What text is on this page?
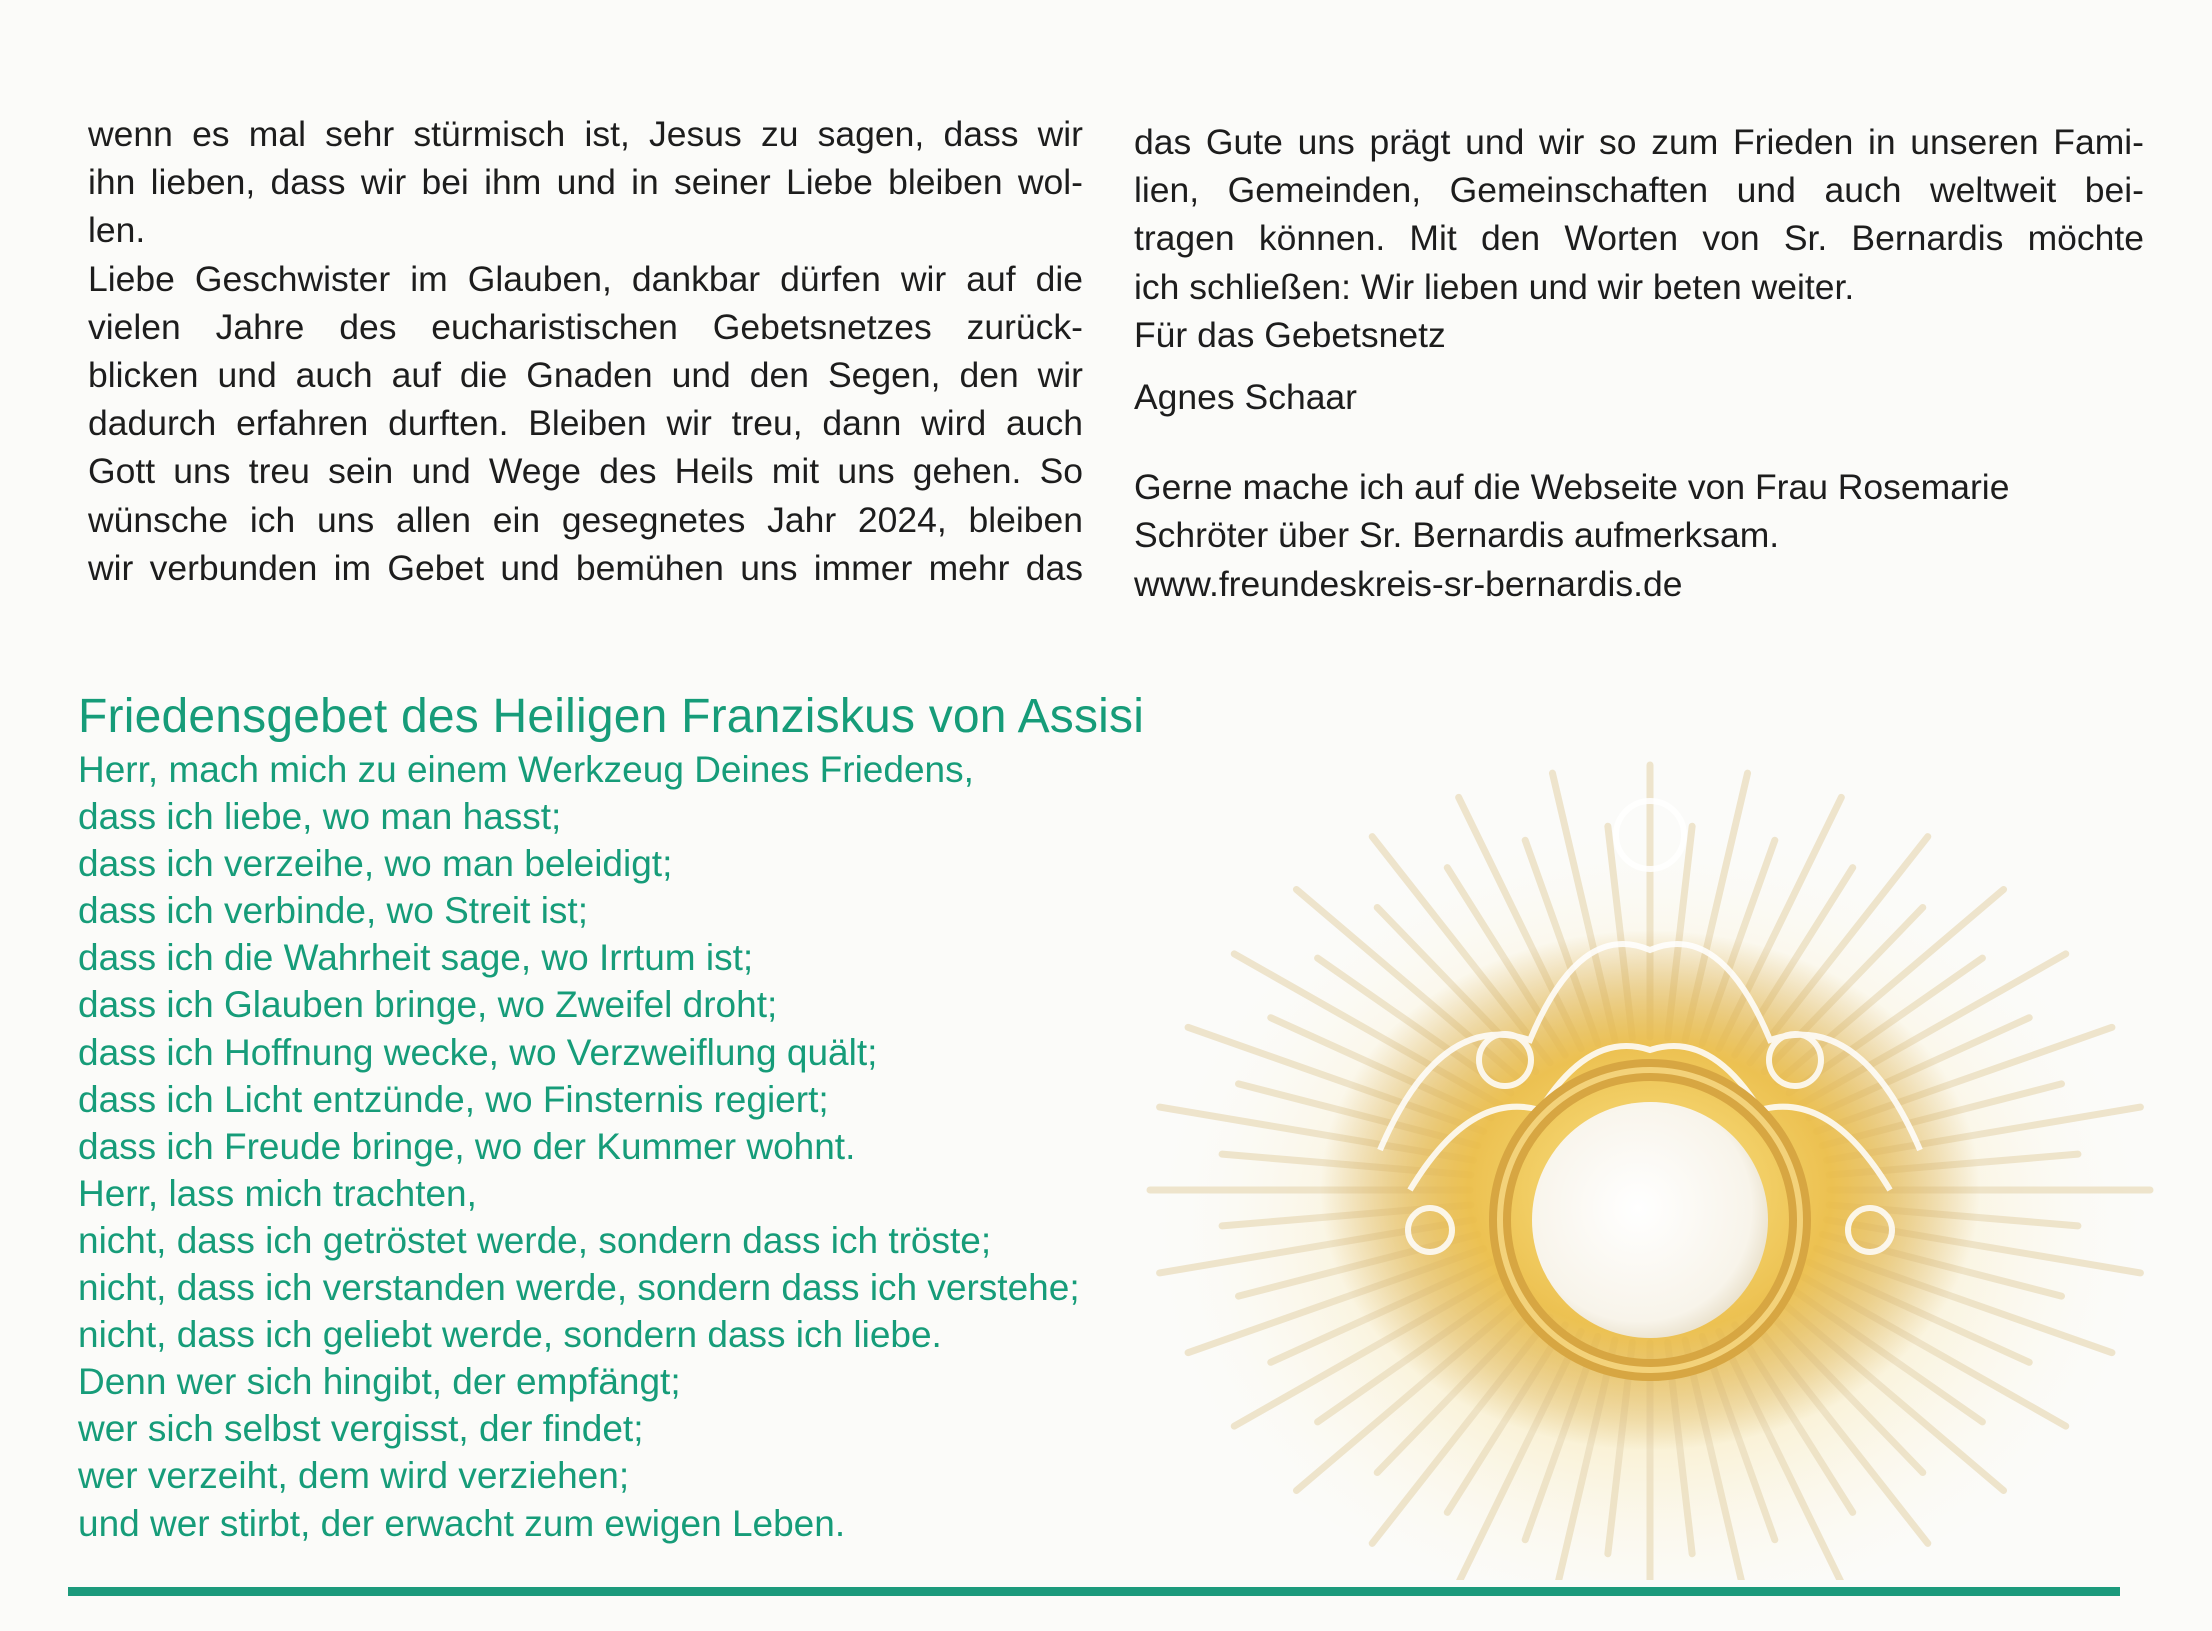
wenn es mal sehr stürmisch ist, Jesus zu sagen, dass wir
ihn lieben, dass wir bei ihm und in seiner Liebe bleiben wol-
len.
Liebe Geschwister im Glauben, dankbar dürfen wir auf die
vielen Jahre des eucharistischen Gebetsnetzes zurück-
blicken und auch auf die Gnaden und den Segen, den wir
dadurch erfahren durften. Bleiben wir treu, dann wird auch
Gott uns treu sein und Wege des Heils mit uns gehen. So
wünsche ich uns allen ein gesegnetes Jahr 2024, bleiben
wir verbunden im Gebet und bemühen uns immer mehr das
das Gute uns prägt und wir so zum Frieden in unseren Fami-
lien, Gemeinden, Gemeinschaften und auch weltweit bei-
tragen können. Mit den Worten von Sr. Bernardis möchte
ich schließen: Wir lieben und wir beten weiter.
Für das Gebetsnetz
Agnes Schaar
Gerne mache ich auf die Webseite von Frau Rosemarie
Schröter über Sr. Bernardis aufmerksam.
www.freundeskreis-sr-bernardis.de
Friedensgebet des Heiligen Franziskus von Assisi
Herr, mach mich zu einem Werkzeug Deines Friedens,
dass ich liebe, wo man hasst;
dass ich verzeihe, wo man beleidigt;
dass ich verbinde, wo Streit ist;
dass ich die Wahrheit sage, wo Irrtum ist;
dass ich Glauben bringe, wo Zweifel droht;
dass ich Hoffnung wecke, wo Verzweiflung quält;
dass ich Licht entzünde, wo Finsternis regiert;
dass ich Freude bringe, wo der Kummer wohnt.
Herr, lass mich trachten,
nicht, dass ich getröstet werde, sondern dass ich tröste;
nicht, dass ich verstanden werde, sondern dass ich verstehe;
nicht, dass ich geliebt werde, sondern dass ich liebe.
Denn wer sich hingibt, der empfängt;
wer sich selbst vergisst, der findet;
wer verzeiht, dem wird verziehen;
und wer stirbt, der erwacht zum ewigen Leben.
